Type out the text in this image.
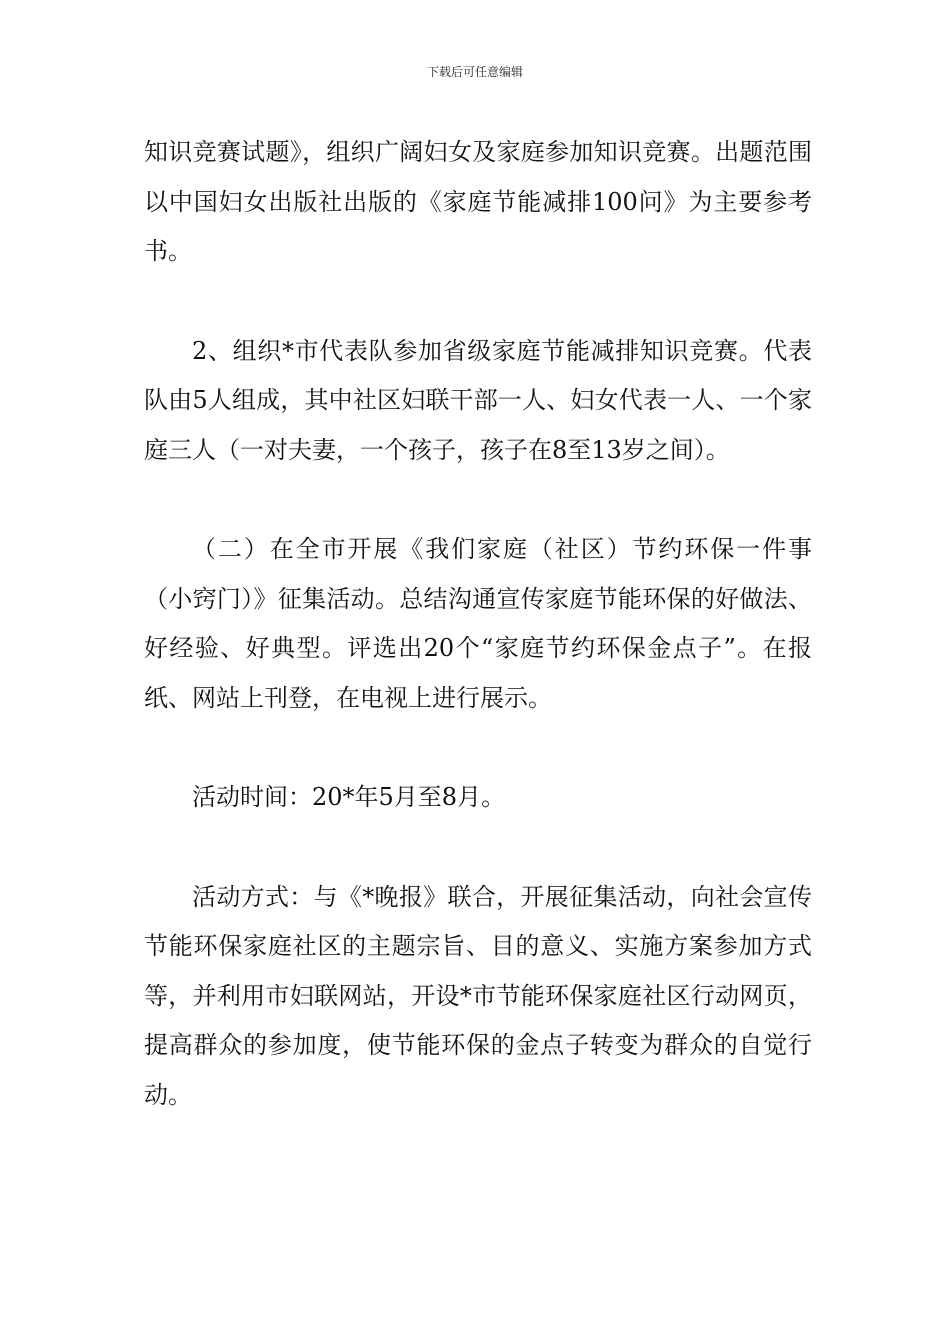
下载后可任意编辑

知识竞赛试题》，组织广阔妇女及家庭参加知识竞赛。出题范围以中国妇女出版社出版的《家庭节能减排100问》为主要参考书。

2、组织*市代表队参加省级家庭节能减排知识竞赛。代表队由5人组成，其中社区妇联干部一人、妇女代表一人、一个家庭三人（一对夫妻，一个孩子，孩子在8至13岁之间）。

（二）在全市开展《我们家庭（社区）节约环保一件事（小窍门）》征集活动。总结沟通宣传家庭节能环保的好做法、好经验、好典型。评选出20个“家庭节约环保金点子”。在报纸、网站上刊登，在电视上进行展示。

活动时间：20*年5月至8月。

活动方式：与《*晚报》联合，开展征集活动，向社会宣传节能环保家庭社区的主题宗旨、目的意义、实施方案参加方式等，并利用市妇联网站，开设*市节能环保家庭社区行动网页，提高群众的参加度，使节能环保的金点子转变为群众的自觉行动。
